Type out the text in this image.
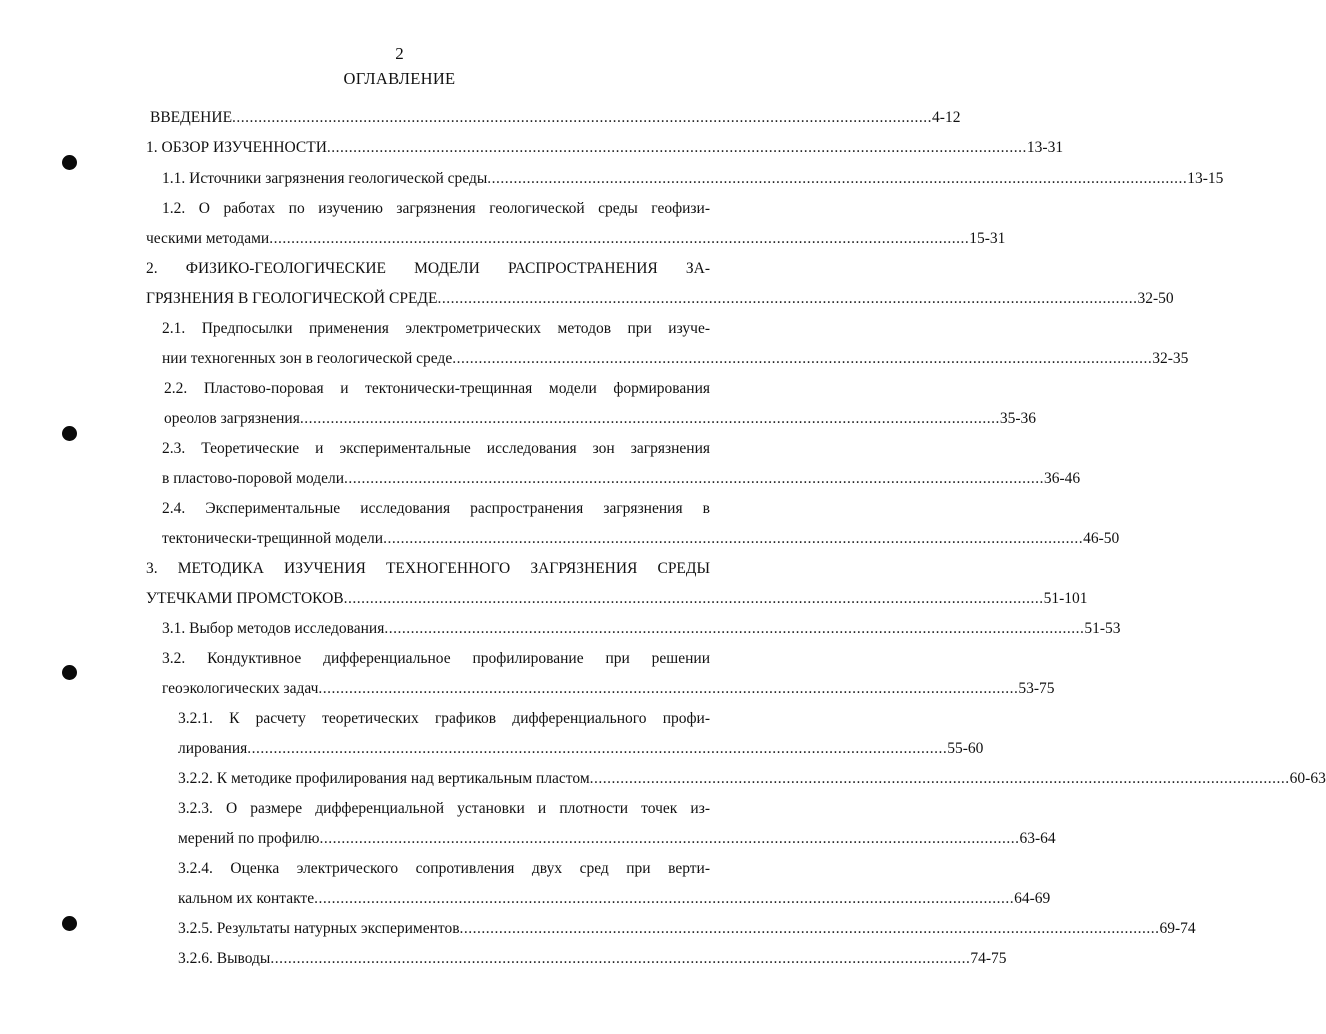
2
ОГЛАВЛЕНИЕ
ВВЕДЕНИЕ ................................................................................................................................................................ 4-12
1. ОБЗОР ИЗУЧЕННОСТИ ................................................................................................................................................................ 13-31
1.1. Источники загрязнения геологической среды ................................................................................................................................................................ 13-15
1.2. О работах по изучению загрязнения геологической среды геофизи-
ческими методами ................................................................................................................................................................ 15-31
2. ФИЗИКО-ГЕОЛОГИЧЕСКИЕ МОДЕЛИ РАСПРОСТРАНЕНИЯ ЗА-
ГРЯЗНЕНИЯ В ГЕОЛОГИЧЕСКОЙ СРЕДЕ ................................................................................................................................................................ 32-50
2.1. Предпосылки применения электрометрических методов при изуче-
нии техногенных зон в геологической среде ................................................................................................................................................................ 32-35
2.2. Пластово-поровая и тектонически-трещинная модели формирования
ореолов загрязнения ................................................................................................................................................................ 35-36
2.3. Теоретические и экспериментальные исследования зон загрязнения
в пластово-поровой модели ................................................................................................................................................................ 36-46
2.4. Экспериментальные исследования распространения загрязнения в
тектонически-трещинной модели ................................................................................................................................................................ 46-50
3. МЕТОДИКА ИЗУЧЕНИЯ ТЕХНОГЕННОГО ЗАГРЯЗНЕНИЯ СРЕДЫ
УТЕЧКАМИ ПРОМСТОКОВ ................................................................................................................................................................ 51-101
3.1. Выбор методов исследования ................................................................................................................................................................ 51-53
3.2. Кондуктивное дифференциальное профилирование при решении
геоэкологических задач ................................................................................................................................................................ 53-75
3.2.1. К расчету теоретических графиков дифференциального профи-
лирования ................................................................................................................................................................ 55-60
3.2.2. К методике профилирования над вертикальным пластом ................................................................................................................................................................ 60-63
3.2.3. О размере дифференциальной установки и плотности точек из-
мерений по профилю ................................................................................................................................................................ 63-64
3.2.4. Оценка электрического сопротивления двух сред при верти-
кальном их контакте ................................................................................................................................................................ 64-69
3.2.5. Результаты натурных экспериментов ................................................................................................................................................................ 69-74
3.2.6. Выводы ................................................................................................................................................................ 74-75
